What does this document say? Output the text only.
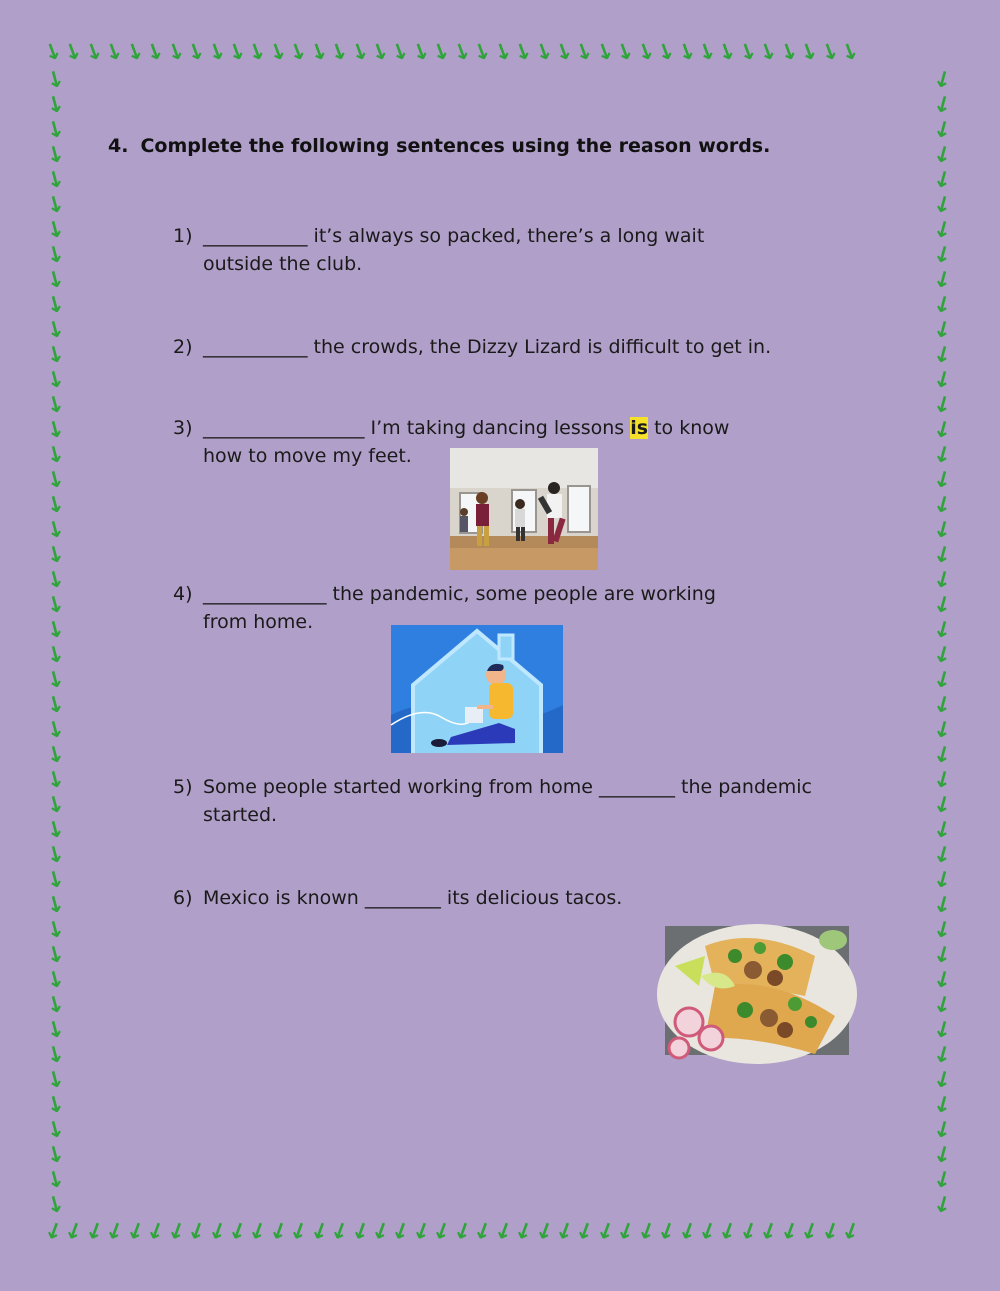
↓↓↓↓↓↓↓↓↓↓↓↓↓↓↓↓↓↓↓↓↓↓↓↓↓↓↓↓↓↓↓↓↓↓↓↓↓↓↓↓
↓↓↓↓↓↓↓↓↓↓↓↓↓↓↓↓↓↓↓↓↓↓↓↓↓↓↓↓↓↓↓↓↓↓↓↓↓↓↓↓
↓
↓
↓
↓
↓
↓
↓
↓
↓
↓
↓
↓
↓
↓
↓
↓
↓
↓
↓
↓
↓
↓
↓
↓
↓
↓
↓
↓
↓
↓
↓
↓
↓
↓
↓
↓
↓
↓
↓
↓
↓
↓
↓
↓
↓
↓
↓
↓
↓
↓
↓
↓
↓
↓
↓
↓
↓
↓
↓
↓
↓
↓
↓
↓
↓
↓
↓
↓
↓
↓
↓
↓
↓
↓
↓
↓
↓
↓
↓
↓
↓
↓
↓
↓
↓
↓
↓
↓
↓
↓
↓
↓
4. Complete the following sentences using the reason words.
1) ___________ it’s always so packed, there’s a long wait
outside the club.
2) ___________ the crowds, the Dizzy Lizard is difficult to get in.
3) _________________ I’m taking dancing lessons is to know
how to move my feet.
4) _____________ the pandemic, some people are working
from home.
5) Some people started working from home ________ the pandemic
started.
6) Mexico is known ________ its delicious tacos.
